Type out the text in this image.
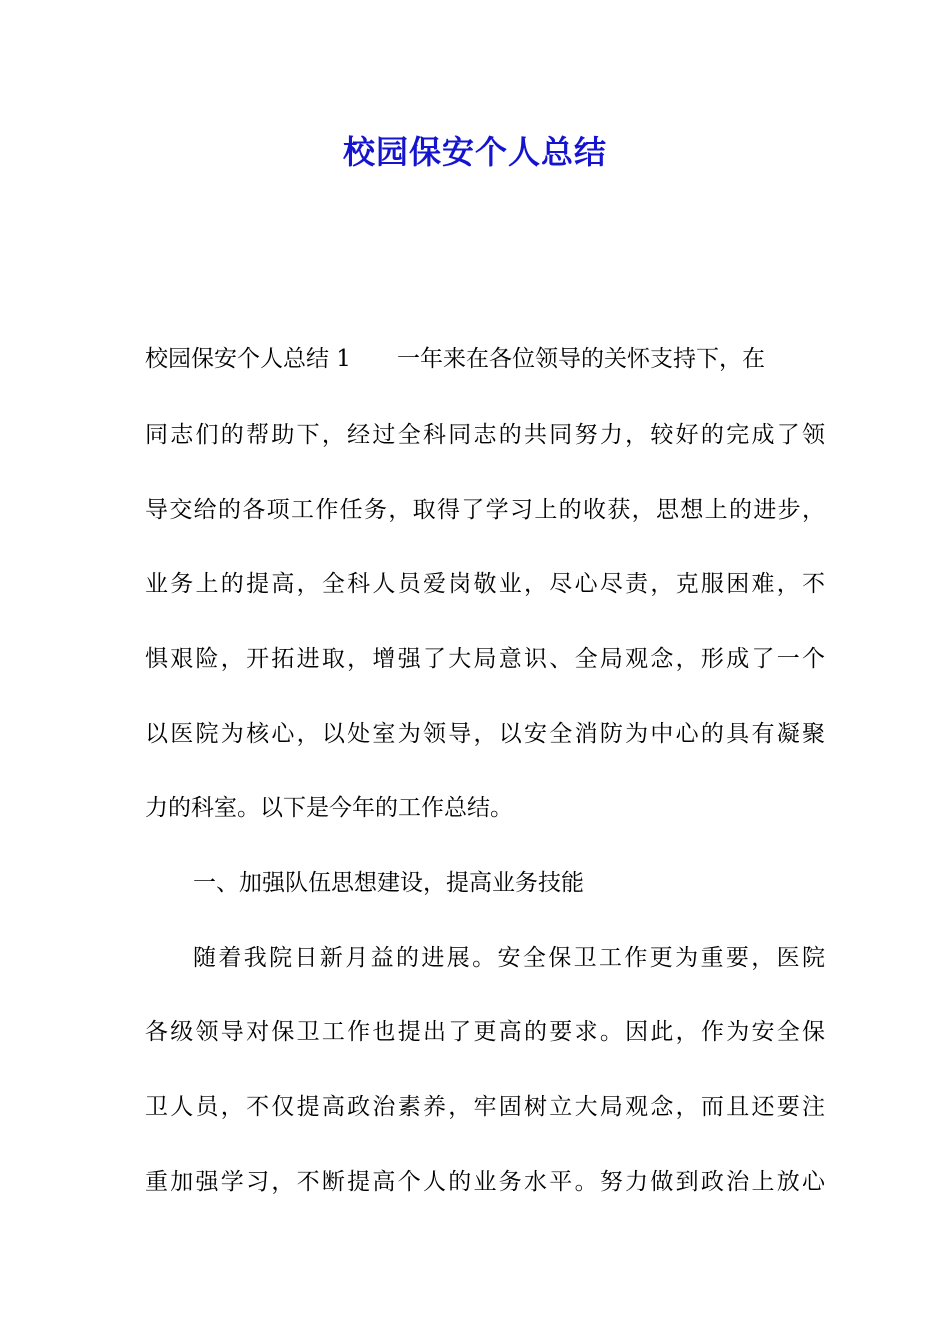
校园保安个人总结

校园保安个人总结 1 一年来在各位领导的关怀支持下，在

同志们的帮助下，经过全科同志的共同努力，较好的完成了领

导交给的各项工作任务，取得了学习上的收获，思想上的进步，

业务上的提高，全科人员爱岗敬业，尽心尽责，克服困难，不

惧艰险，开拓进取，增强了大局意识、全局观念，形成了一个

以医院为核心，以处室为领导，以安全消防为中心的具有凝聚

力的科室。以下是今年的工作总结。

一、加强队伍思想建设，提高业务技能

随着我院日新月益的进展。安全保卫工作更为重要，医院

各级领导对保卫工作也提出了更高的要求。因此，作为安全保

卫人员，不仅提高政治素养，牢固树立大局观念，而且还要注

重加强学习，不断提高个人的业务水平。努力做到政治上放心
